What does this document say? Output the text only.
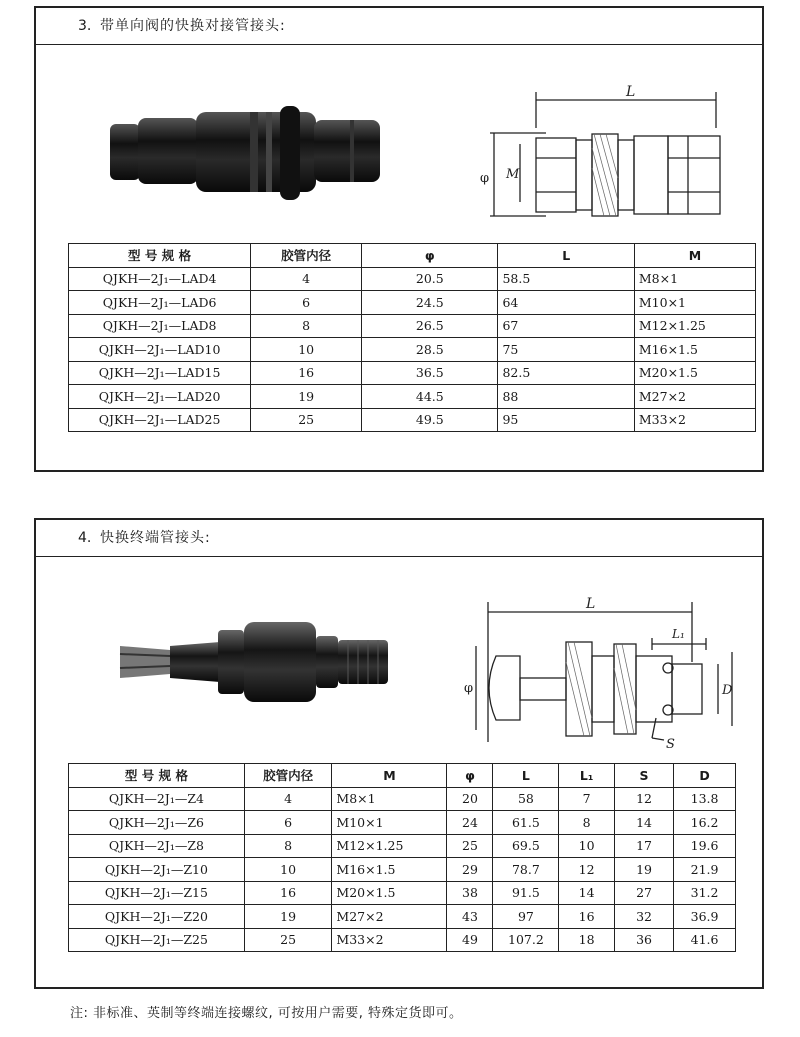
3. 带单向阀的快换对接管接头:
L
φ M
型 号 规 格	胶管内径	φ	L	M
QJKH—2J₁—LAD4	4	20.5	58.5	M8×1
QJKH—2J₁—LAD6	6	24.5	64	M10×1
QJKH—2J₁—LAD8	8	26.5	67	M12×1.25
QJKH—2J₁—LAD10	10	28.5	75	M16×1.5
QJKH—2J₁—LAD15	16	36.5	82.5	M20×1.5
QJKH—2J₁—LAD20	19	44.5	88	M27×2
QJKH—2J₁—LAD25	25	49.5	95	M33×2
4. 快换终端管接头:
L
L₁
φ	D
S
型 号 规 格	胶管内径	M	φ	L	L₁	S	D
QJKH—2J₁—Z4	4	M8×1	20	58	7	12	13.8
QJKH—2J₁—Z6	6	M10×1	24	61.5	8	14	16.2
QJKH—2J₁—Z8	8	M12×1.25	25	69.5	10	17	19.6
QJKH—2J₁—Z10	10	M16×1.5	29	78.7	12	19	21.9
QJKH—2J₁—Z15	16	M20×1.5	38	91.5	14	27	31.2
QJKH—2J₁—Z20	19	M27×2	43	97	16	32	36.9
QJKH—2J₁—Z25	25	M33×2	49	107.2	18	36	41.6
注: 非标准、英制等终端连接螺纹, 可按用户需要, 特殊定货即可。
